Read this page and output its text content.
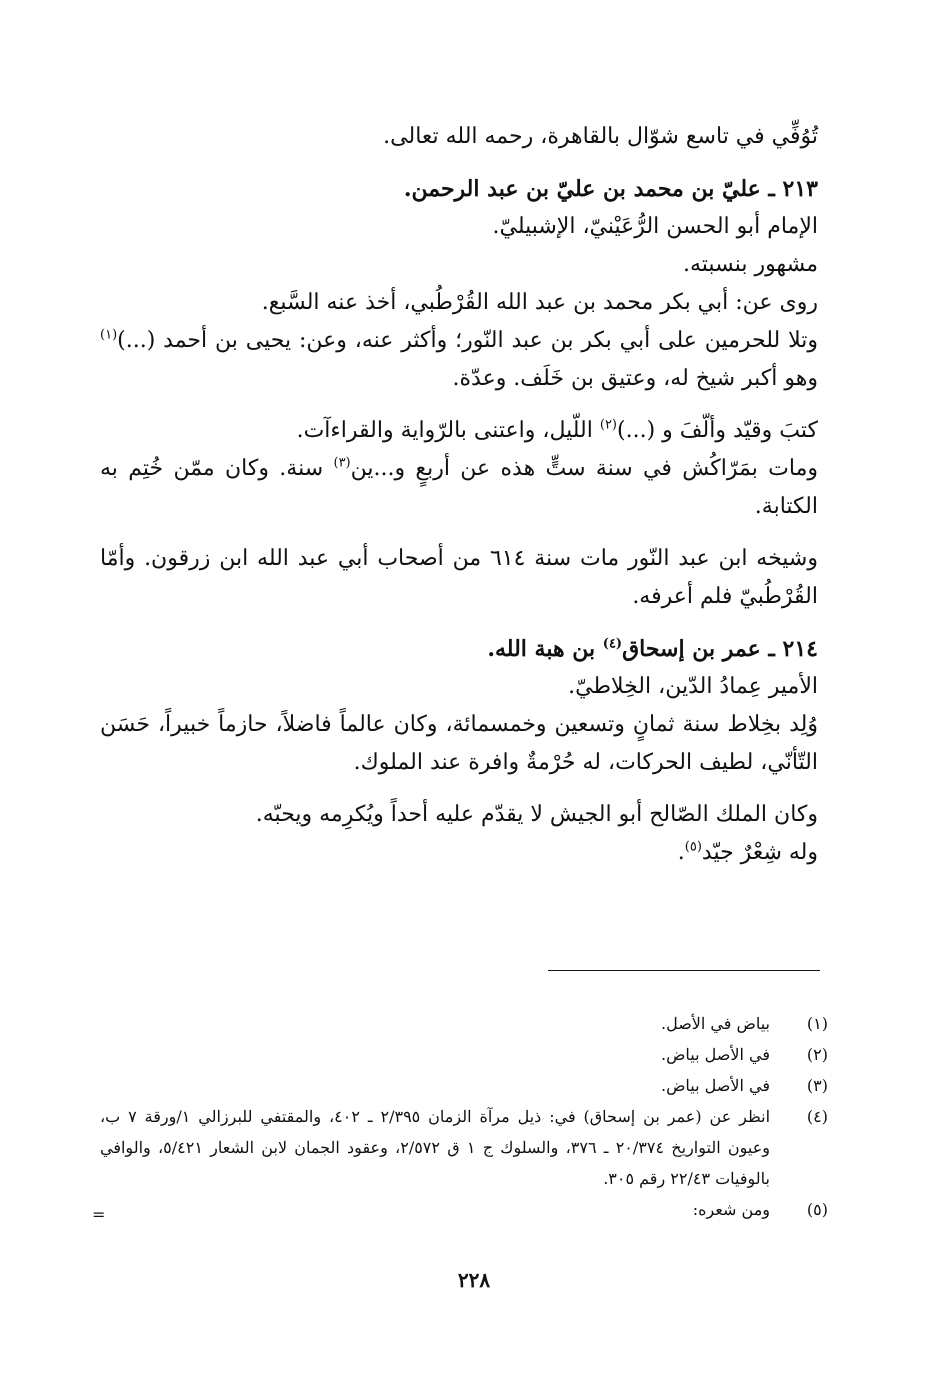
تُوُفِّي في تاسع شوّال بالقاهرة، رحمه الله تعالى.

٢١٣ ـ عليّ بن محمد بن عليّ بن عبد الرحمن.

الإمام أبو الحسن الرُّعَيْنيّ، الإشبيليّ.

مشهور بنسبته.

روى عن: أبي بكر محمد بن عبد الله القُرْطُبي، أخذ عنه السَّبع.

وتلا للحرمين على أبي بكر بن عبد النّور؛ وأكثر عنه، وعن: يحيى بن أحمد (...)$^{(١)}$ وهو أكبر شيخ له، وعتيق بن خَلَف. وعدّة.

كتبَ وقيّد وألّفَ و (...)$^{(٢)}$ اللّيل، واعتنى بالرّواية والقراءآت.

ومات بمَرّاكُش في سنة ستٍّ هذه عن أربعٍ و...ين$^{(٣)}$ سنة. وكان ممّن خُتِم به الكتابة.

وشيخه ابن عبد النّور مات سنة ٦١٤ من أصحاب أبي عبد الله ابن زرقون. وأمّا القُرْطُبيّ فلم أعرفه.

٢١٤ ـ عمر بن إسحاق$^{(٤)}$ بن هبة الله.

الأمير عِمادُ الدّين، الخِلاطيّ.

وُلِد بخِلاط سنة ثمانٍ وتسعين وخمسمائة، وكان عالماً فاضلاً، حازماً خبيراً، حَسَن التّأنّي، لطيف الحركات، له حُرْمةٌ وافرة عند الملوك.

وكان الملك الصّالح أبو الجيش لا يقدّم عليه أحداً ويُكرِمه ويحبّه.

وله شِعْرٌ جيّد$^{(٥)}$.

(١)
بياض في الأصل.
(٢)
في الأصل بياض.
(٣)
في الأصل بياض.
(٤)
انظر عن (عمر بن إسحاق) في: ذيل مرآة الزمان ٢/٣٩٥ ـ ٤٠٢، والمقتفي للبرزالي ١/ورقة ٧ ب، وعيون التواريخ ٢٠/٣٧٤ ـ ٣٧٦، والسلوك ج ١ ق ٢/٥٧٢، وعقود الجمان لابن الشعار ٥/٤٢١، والوافي بالوفيات ٢٢/٤٣ رقم ٣٠٥.
(٥)
ومن شعره:
=
٢٢٨
